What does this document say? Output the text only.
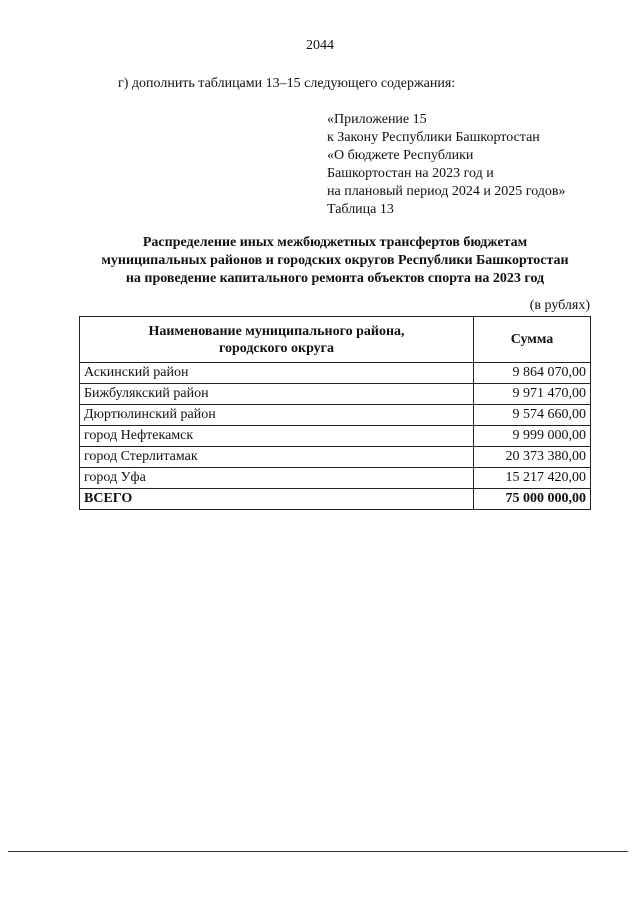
2044
г) дополнить таблицами 13–15 следующего содержания:
«Приложение 15
к Закону Республики Башкортостан
«О бюджете Республики
Башкортостан на 2023 год и
на плановый период 2024 и 2025 годов»
Таблица 13
Распределение иных межбюджетных трансфертов бюджетам
муниципальных районов и городских округов Республики Башкортостан
на проведение капитального ремонта объектов спорта на 2023 год
(в рублях)
Наименование муниципального района,
городского округа	Сумма
Аскинский район	9 864 070,00
Бижбулякский район	9 971 470,00
Дюртюлинский район	9 574 660,00
город Нефтекамск	9 999 000,00
город Стерлитамак	20 373 380,00
город Уфа	15 217 420,00
ВСЕГО	75 000 000,00
